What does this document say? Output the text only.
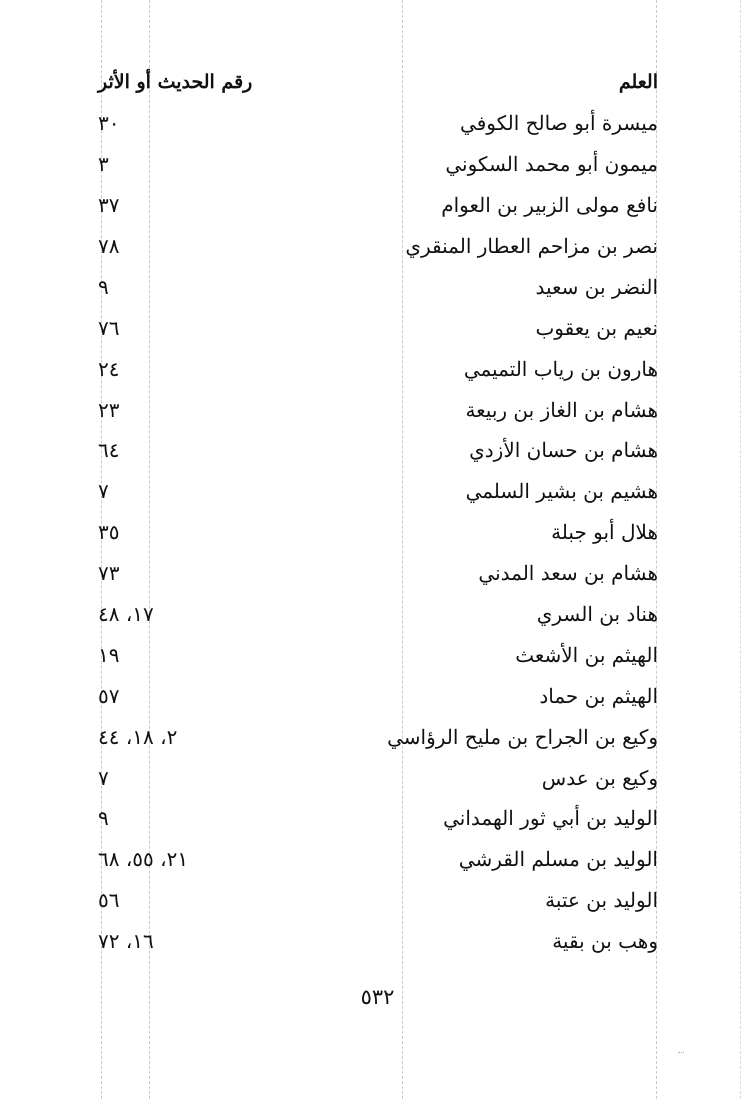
العلم
رقم الحديث أو الأثر
ميسرة أبو صالح الكوفي
٣٠
ميمون أبو محمد السكوني
٣
نافع مولى الزبير بن العوام
٣٧
نصر بن مزاحم العطار المنقري
٧٨
النضر بن سعيد
٩
نعيم بن يعقوب
٧٦
هارون بن رياب التميمي
٢٤
هشام بن الغاز بن ربيعة
٢٣
هشام بن حسان الأزدي
٦٤
هشيم بن بشير السلمي
٧
هلال أبو جبلة
٣٥
هشام بن سعد المدني
٧٣
هناد بن السري
١٧، ٤٨
الهيثم بن الأشعث
١٩
الهيثم بن حماد
٥٧
وكيع بن الجراح بن مليح الرؤاسي
٢، ١٨، ٤٤
وكيع بن عدس
٧
الوليد بن أبي ثور الهمداني
٩
الوليد بن مسلم القرشي
٢١، ٥٥، ٦٨
الوليد بن عتبة
٥٦
وهب بن بقية
١٦، ٧٢
٥٣٢
